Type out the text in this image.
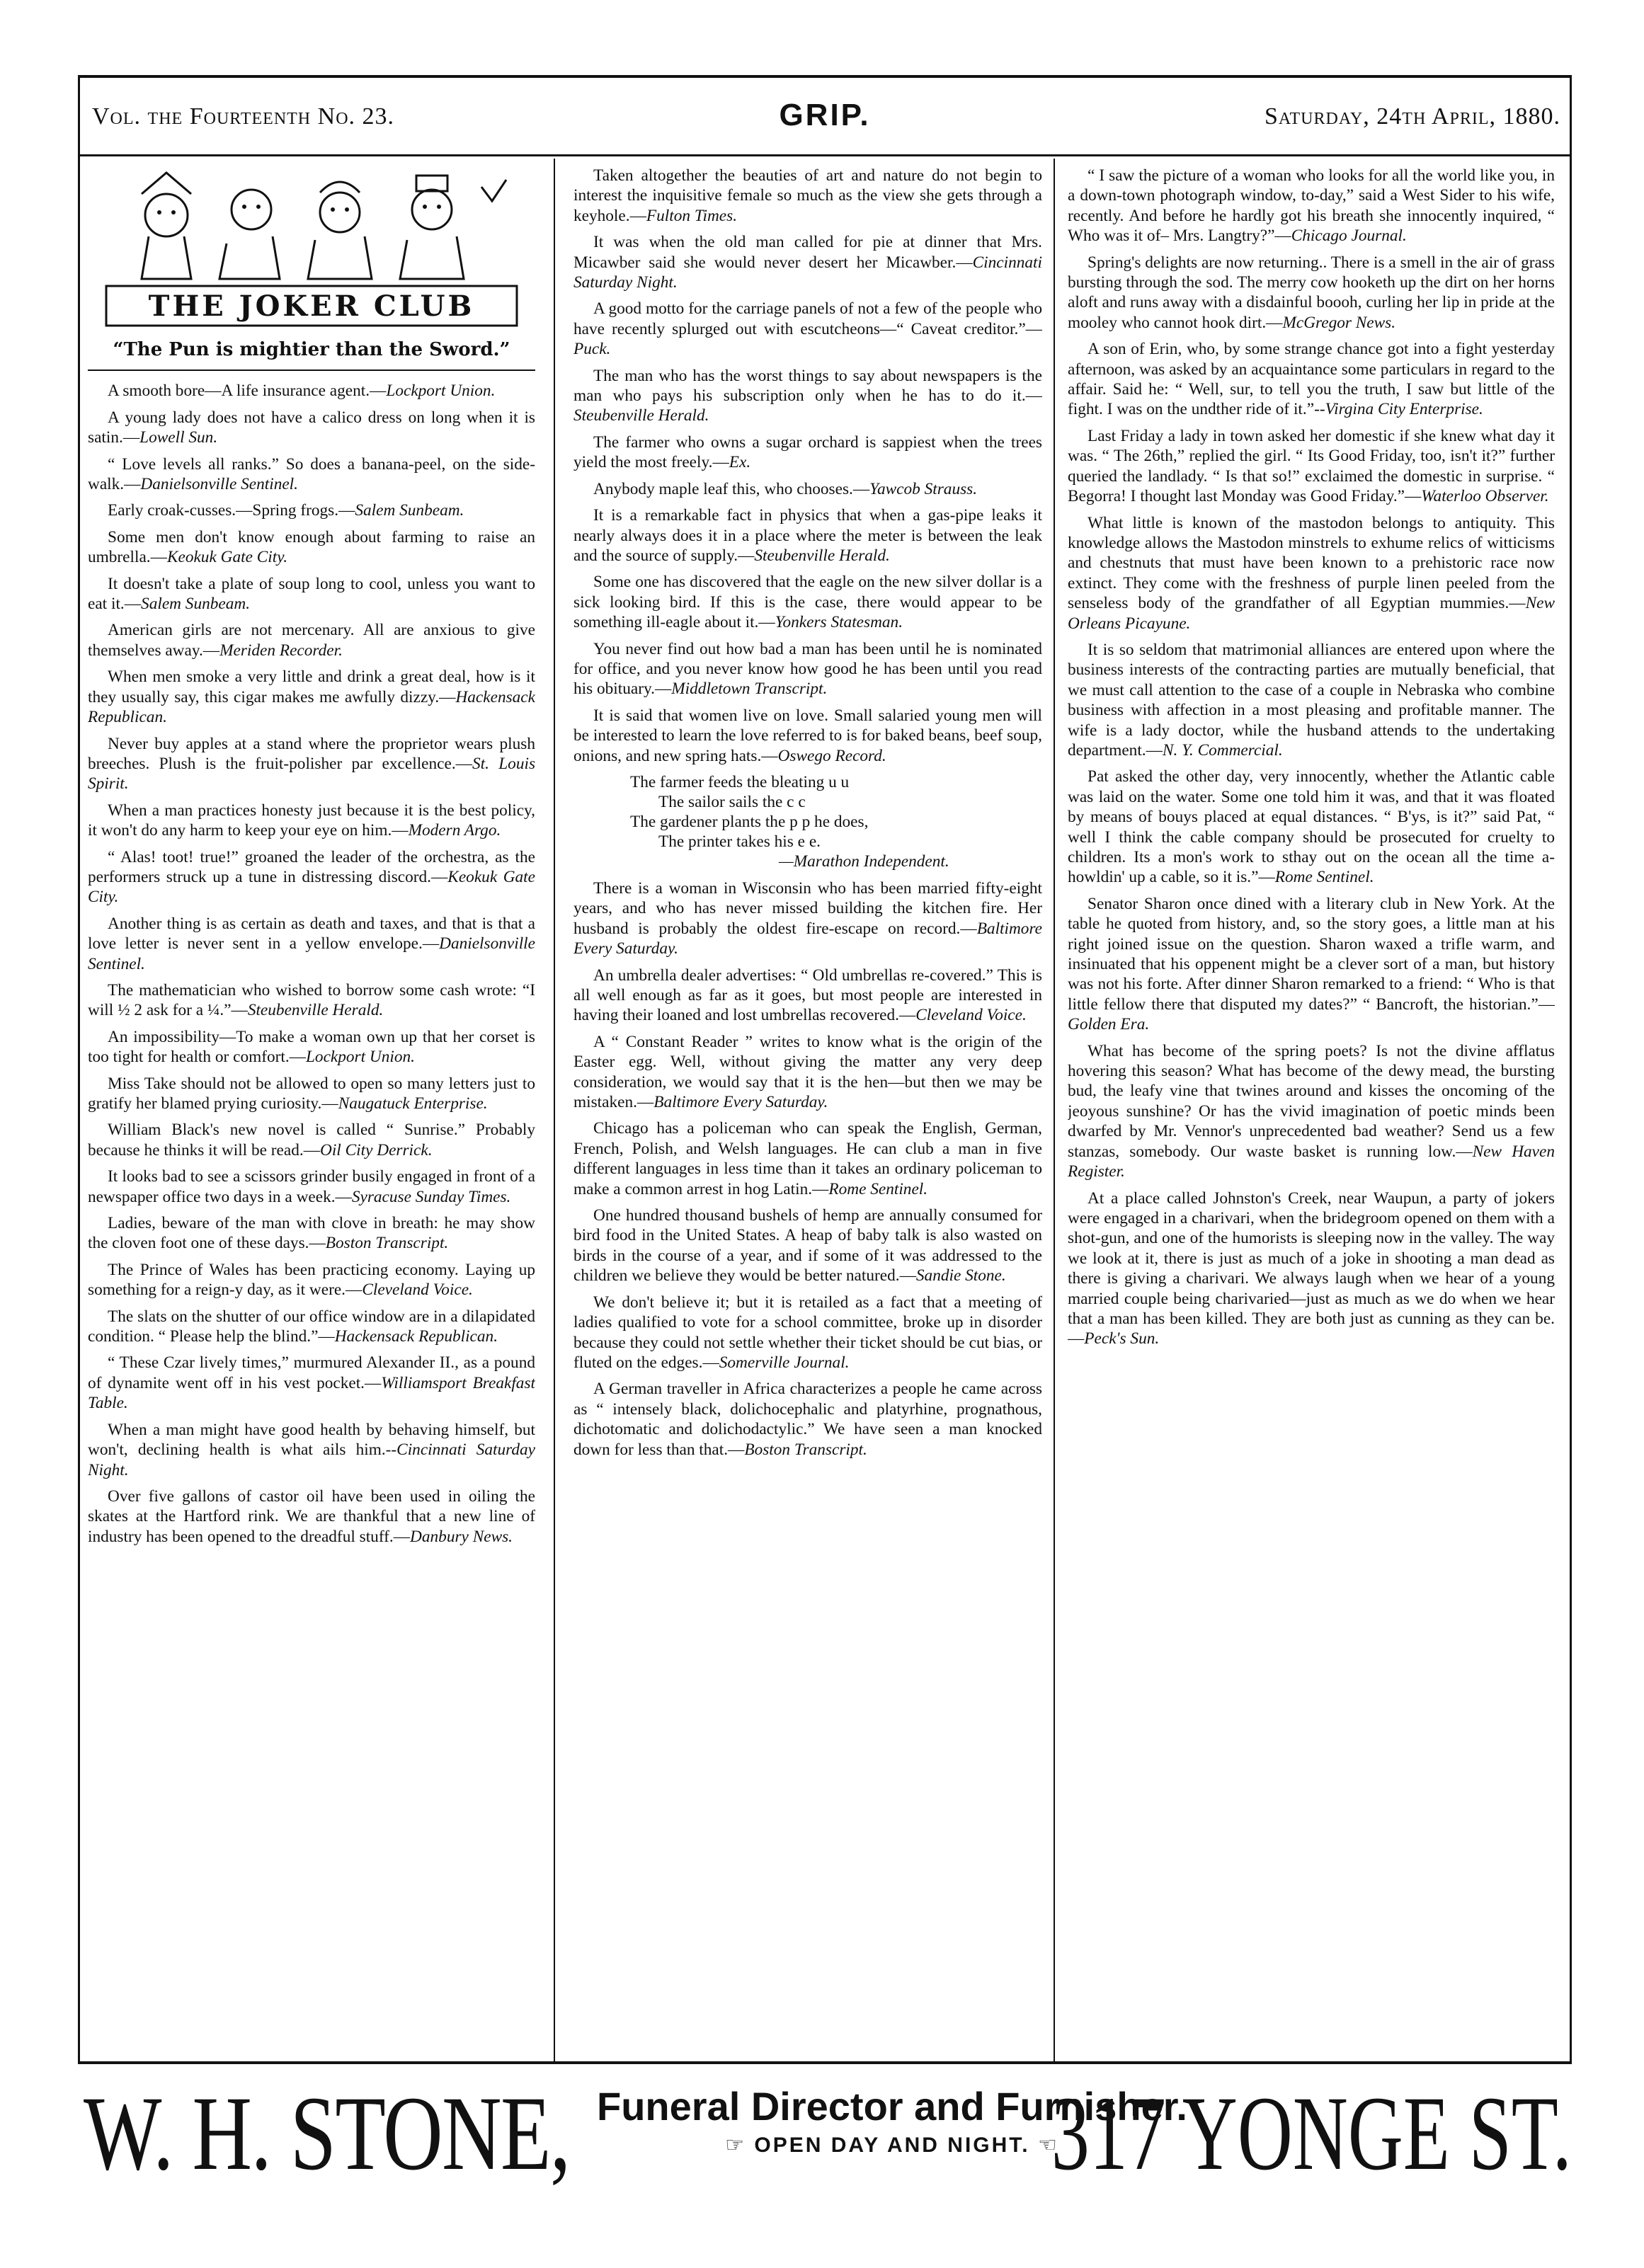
Vol. the Fourteenth No. 23.	GRIP.	Saturday, 24th April, 1880.
THE JOKER CLUB
“The Pun is mightier than the Sword.”

A smooth bore—A life insurance agent.—Lockport Union.

A young lady does not have a calico dress on long when it is satin.—Lowell Sun.

“ Love levels all ranks.” So does a banana-peel, on the side-walk.—Danielsonville Sentinel.

Early croak-cusses.—Spring frogs.—Salem Sunbeam.

Some men don't know enough about farming to raise an umbrella.—Keokuk Gate City.

It doesn't take a plate of soup long to cool, unless you want to eat it.—Salem Sunbeam.

American girls are not mercenary. All are anxious to give themselves away.—Meriden Recorder.

When men smoke a very little and drink a great deal, how is it they usually say, this cigar makes me awfully dizzy.—Hackensack Republican.

Never buy apples at a stand where the proprietor wears plush breeches. Plush is the fruit-polisher par excellence.—St. Louis Spirit.

When a man practices honesty just because it is the best policy, it won't do any harm to keep your eye on him.—Modern Argo.

“ Alas! toot! true!” groaned the leader of the orchestra, as the performers struck up a tune in distressing discord.—Keokuk Gate City.

Another thing is as certain as death and taxes, and that is that a love letter is never sent in a yellow envelope.—Danielsonville Sentinel.

The mathematician who wished to borrow some cash wrote: “I will ½ 2 ask for a ¼.”—Steubenville Herald.

An impossibility—To make a woman own up that her corset is too tight for health or comfort.—Lockport Union.

Miss Take should not be allowed to open so many letters just to gratify her blamed prying curiosity.—Naugatuck Enterprise.

William Black's new novel is called “ Sunrise.” Probably because he thinks it will be read.—Oil City Derrick.

It looks bad to see a scissors grinder busily engaged in front of a newspaper office two days in a week.—Syracuse Sunday Times.

Ladies, beware of the man with clove in breath: he may show the cloven foot one of these days.—Boston Transcript.

The Prince of Wales has been practicing economy. Laying up something for a reign-y day, as it were.—Cleveland Voice.

The slats on the shutter of our office window are in a dilapidated condition. “ Please help the blind.”—Hackensack Republican.

“ These Czar lively times,” murmured Alexander II., as a pound of dynamite went off in his vest pocket.—Williamsport Breakfast Table.

When a man might have good health by behaving himself, but won't, declining health is what ails him.--Cincinnati Saturday Night.

Over five gallons of castor oil have been used in oiling the skates at the Hartford rink. We are thankful that a new line of industry has been opened to the dreadful stuff.—Danbury News.

Taken altogether the beauties of art and nature do not begin to interest the inquisitive female so much as the view she gets through a keyhole.—Fulton Times.

It was when the old man called for pie at dinner that Mrs. Micawber said she would never desert her Micawber.—Cincinnati Saturday Night.

A good motto for the carriage panels of not a few of the people who have recently splurged out with escutcheons—“ Caveat creditor.”—Puck.

The man who has the worst things to say about newspapers is the man who pays his subscription only when he has to do it.—Steubenville Herald.

The farmer who owns a sugar orchard is sappiest when the trees yield the most freely.—Ex.

Anybody maple leaf this, who chooses.—Yawcob Strauss.

It is a remarkable fact in physics that when a gas-pipe leaks it nearly always does it in a place where the meter is between the leak and the source of supply.—Steubenville Herald.

Some one has discovered that the eagle on the new silver dollar is a sick looking bird. If this is the case, there would appear to be something ill-eagle about it.—Yonkers Statesman.

You never find out how bad a man has been until he is nominated for office, and you never know how good he has been until you read his obituary.—Middletown Transcript.

It is said that women live on love. Small salaried young men will be interested to learn the love referred to is for baked beans, beef soup, onions, and new spring hats.—Oswego Record.

The farmer feeds the bleating u u
The sailor sails the c c
The gardener plants the p p he does,
The printer takes his e e.
—Marathon Independent.

There is a woman in Wisconsin who has been married fifty-eight years, and who has never missed building the kitchen fire. Her husband is probably the oldest fire-escape on record.—Baltimore Every Saturday.

An umbrella dealer advertises: “ Old umbrellas re-covered.” This is all well enough as far as it goes, but most people are interested in having their loaned and lost umbrellas recovered.—Cleveland Voice.

A “ Constant Reader ” writes to know what is the origin of the Easter egg. Well, without giving the matter any very deep consideration, we would say that it is the hen—but then we may be mistaken.—Baltimore Every Saturday.

Chicago has a policeman who can speak the English, German, French, Polish, and Welsh languages. He can club a man in five different languages in less time than it takes an ordinary policeman to make a common arrest in hog Latin.—Rome Sentinel.

One hundred thousand bushels of hemp are annually consumed for bird food in the United States. A heap of baby talk is also wasted on birds in the course of a year, and if some of it was addressed to the children we believe they would be better natured.—Sandie Stone.

We don't believe it; but it is retailed as a fact that a meeting of ladies qualified to vote for a school committee, broke up in disorder because they could not settle whether their ticket should be cut bias, or fluted on the edges.—Somerville Journal.

A German traveller in Africa characterizes a people he came across as “ intensely black, dolichocephalic and platyrhine, prognathous, dichotomatic and dolichodactylic.” We have seen a man knocked down for less than that.—Boston Transcript.

“ I saw the picture of a woman who looks for all the world like you, in a down-town photograph window, to-day,” said a West Sider to his wife, recently. And before he hardly got his breath she innocently inquired, “ Who was it of– Mrs. Langtry?”—Chicago Journal.

Spring's delights are now returning.. There is a smell in the air of grass bursting through the sod. The merry cow hooketh up the dirt on her horns aloft and runs away with a disdainful boooh, curling her lip in pride at the mooley who cannot hook dirt.—McGregor News.

A son of Erin, who, by some strange chance got into a fight yesterday afternoon, was asked by an acquaintance some particulars in regard to the affair. Said he: “ Well, sur, to tell you the truth, I saw but little of the fight. I was on the undther ride of it.”--Virgina City Enterprise.

Last Friday a lady in town asked her domestic if she knew what day it was. “ The 26th,” replied the girl. “ Its Good Friday, too, isn't it?” further queried the landlady. “ Is that so!” exclaimed the domestic in surprise. “ Begorra! I thought last Monday was Good Friday.”—Waterloo Observer.

What little is known of the mastodon belongs to antiquity. This knowledge allows the Mastodon minstrels to exhume relics of witticisms and chestnuts that must have been known to a prehistoric race now extinct. They come with the freshness of purple linen peeled from the senseless body of the grandfather of all Egyptian mummies.—New Orleans Picayune.

It is so seldom that matrimonial alliances are entered upon where the business interests of the contracting parties are mutually beneficial, that we must call attention to the case of a couple in Nebraska who combine business with affection in a most pleasing and profitable manner. The wife is a lady doctor, while the husband attends to the undertaking department.—N. Y. Commercial.

Pat asked the other day, very innocently, whether the Atlantic cable was laid on the water. Some one told him it was, and that it was floated by means of bouys placed at equal distances. “ B'ys, is it?” said Pat, “ well I think the cable company should be prosecuted for cruelty to children. Its a mon's work to sthay out on the ocean all the time a-howldin' up a cable, so it is.”—Rome Sentinel.

Senator Sharon once dined with a literary club in New York. At the table he quoted from history, and, so the story goes, a little man at his right joined issue on the question. Sharon waxed a trifle warm, and insinuated that his oppenent might be a clever sort of a man, but history was not his forte. After dinner Sharon remarked to a friend: “ Who is that little fellow there that disputed my dates?” “ Bancroft, the historian.”—Golden Era.

What has become of the spring poets? Is not the divine afflatus hovering this season? What has become of the dewy mead, the bursting bud, the leafy vine that twines around and kisses the oncoming of the jeoyous sunshine? Or has the vivid imagination of poetic minds been dwarfed by Mr. Vennor's unprecedented bad weather? Send us a few stanzas, somebody. Our waste basket is running low.—New Haven Register.

At a place called Johnston's Creek, near Waupun, a party of jokers were engaged in a charivari, when the bridegroom opened on them with a shot-gun, and one of the humorists is sleeping now in the valley. The way we look at it, there is just as much of a joke in shooting a man dead as there is giving a charivari. We always laugh when we hear of a young married couple being charivaried—just as much as we do when we hear that a man has been killed. They are both just as cunning as they can be.—Peck's Sun.

W. H. STONE, Funeral Director and Furnisher.
☞ OPEN DAY AND NIGHT. ☜
317 YONGE ST.
